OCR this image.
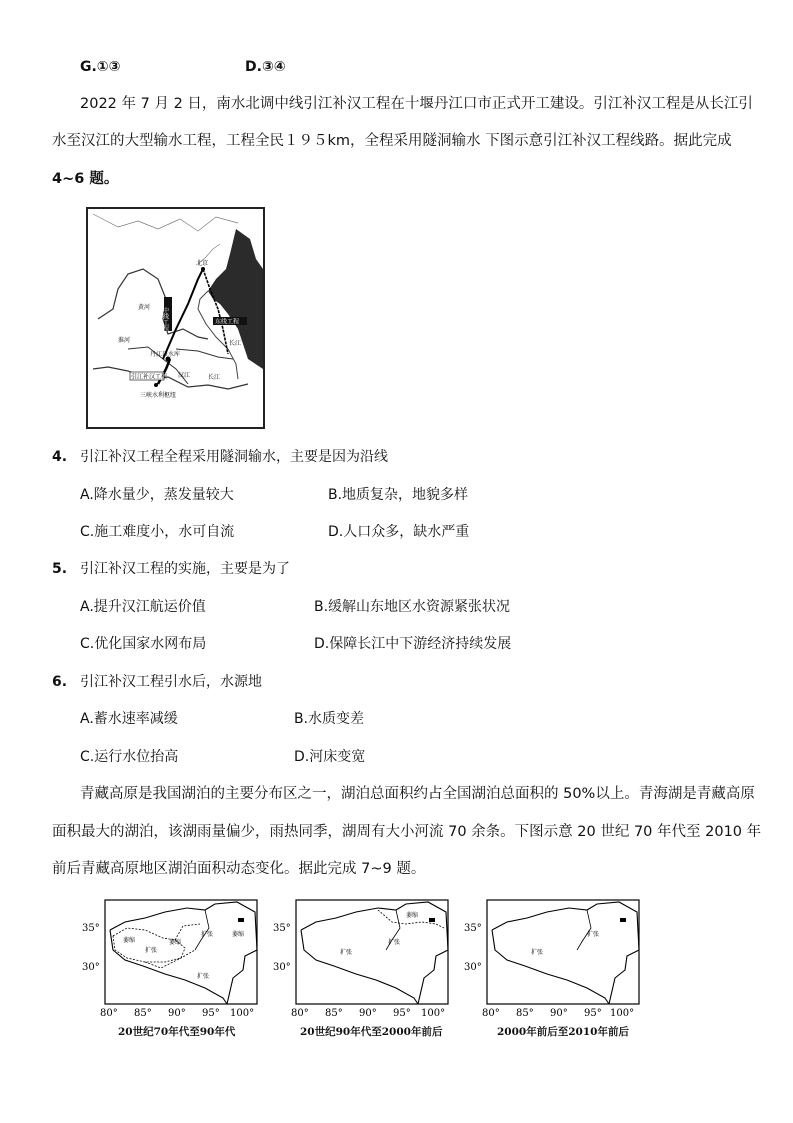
G.①③	D.③④
2022 年 7 月 2 日，南水北调中线引江补汉工程在十堰丹江口市正式开工建设。引江补汉工程是从长江引
水至汉江的大型输水工程，工程全民１９５km，全程采用隧洞输水 下图示意引江补汉工程线路。据此完成
4~6 题。
北京
黄河 中线工程	东线工程
淮河
汉江
丹江口水库
引江补汉工程
三峡水利枢纽
长江
长江
4. 引江补汉工程全程采用隧洞输水，主要是因为沿线
A.降水量少，蒸发量较大	B.地质复杂，地貌多样
C.施工难度小，水可自流	D.人口众多，缺水严重
5. 引江补汉工程的实施，主要是为了
A.提升汉江航运价值	B.缓解山东地区水资源紧张状况
C.优化国家水网布局	D.保障长江中下游经济持续发展
6. 引江补汉工程引水后，水源地
A.蓄水速率减缓	B.水质变差
C.运行水位抬高	D.河床变宽
青藏高原是我国湖泊的主要分布区之一，湖泊总面积约占全国湖泊总面积的 50%以上。青海湖是青藏高原
面积最大的湖泊，该湖雨量偏少，雨热同季，湖周有大小河流 70 余条。下图示意 20 世纪 70 年代至 2010 年
前后青藏高原地区湖泊面积动态变化。据此完成 7~9 题。
萎缩
扩张
萎缩
扩张
扩张
萎缩
萎缩
扩张
扩张
扩张
扩张
35°
30°
35°
30°
35°
30°
80° 85° 90° 95° 100°	80° 85° 90° 95° 100°	80° 85° 90° 95° 100°
20世纪70年代至90年代	20世纪90年代至2000年前后	2000年前后至2010年前后
